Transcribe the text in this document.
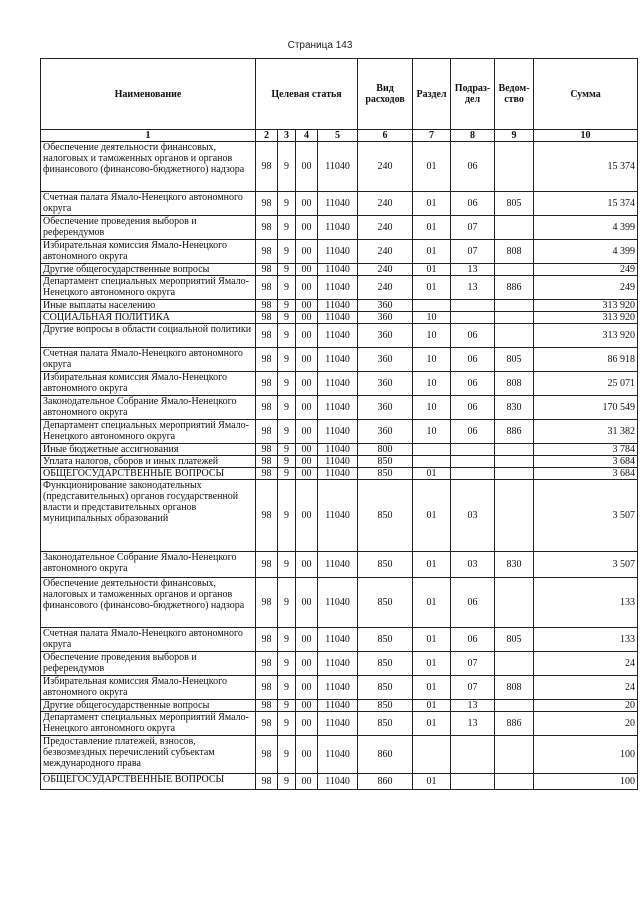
Страница 143
Наименование	Целевая статья				Вид расходов	Раздел	Подраз- дел	Ведом- ство	Сумма
1	2	3	4	5	6	7	8	9	10
Обеспечение деятельности финансовых, налоговых и таможенных органов и органов финансового (финансово-бюджетного) надзора	98	9	00	11040	240	01	06		15 374
Счетная палата Ямало-Ненецкого автономного округа	98	9	00	11040	240	01	06	805	15 374
Обеспечение проведения выборов и референдумов	98	9	00	11040	240	01	07		4 399
Избирательная комиссия Ямало-Ненецкого автономного округа	98	9	00	11040	240	01	07	808	4 399
Другие общегосударственные вопросы	98	9	00	11040	240	01	13		249
Департамент специальных мероприятий Ямало-Ненецкого автономного округа	98	9	00	11040	240	01	13	886	249
Иные выплаты населению	98	9	00	11040	360				313 920
СОЦИАЛЬНАЯ ПОЛИТИКА	98	9	00	11040	360	10			313 920
Другие вопросы в области социальной политики	98	9	00	11040	360	10	06		313 920
Счетная палата Ямало-Ненецкого автономного округа	98	9	00	11040	360	10	06	805	86 918
Избирательная комиссия Ямало-Ненецкого автономного округа	98	9	00	11040	360	10	06	808	25 071
Законодательное Собрание Ямало-Ненецкого автономного округа	98	9	00	11040	360	10	06	830	170 549
Департамент специальных мероприятий Ямало-Ненецкого автономного округа	98	9	00	11040	360	10	06	886	31 382
Иные бюджетные ассигнования	98	9	00	11040	800				3 784
Уплата налогов, сборов и иных платежей	98	9	00	11040	850				3 684
ОБЩЕГОСУДАРСТВЕННЫЕ ВОПРОСЫ	98	9	00	11040	850	01			3 684
Функционирование законодательных (представительных) органов государственной власти и представительных органов муниципальных образований	98	9	00	11040	850	01	03		3 507
Законодательное Собрание Ямало-Ненецкого автономного округа	98	9	00	11040	850	01	03	830	3 507
Обеспечение деятельности финансовых, налоговых и таможенных органов и органов финансового (финансово-бюджетного) надзора	98	9	00	11040	850	01	06		133
Счетная палата Ямало-Ненецкого автономного округа	98	9	00	11040	850	01	06	805	133
Обеспечение проведения выборов и референдумов	98	9	00	11040	850	01	07		24
Избирательная комиссия Ямало-Ненецкого автономного округа	98	9	00	11040	850	01	07	808	24
Другие общегосударственные вопросы	98	9	00	11040	850	01	13		20
Департамент специальных мероприятий Ямало-Ненецкого автономного округа	98	9	00	11040	850	01	13	886	20
Предоставление платежей, взносов, безвозмездных перечислений субъектам международного права	98	9	00	11040	860				100
ОБЩЕГОСУДАРСТВЕННЫЕ ВОПРОСЫ	98	9	00	11040	860	01			100
